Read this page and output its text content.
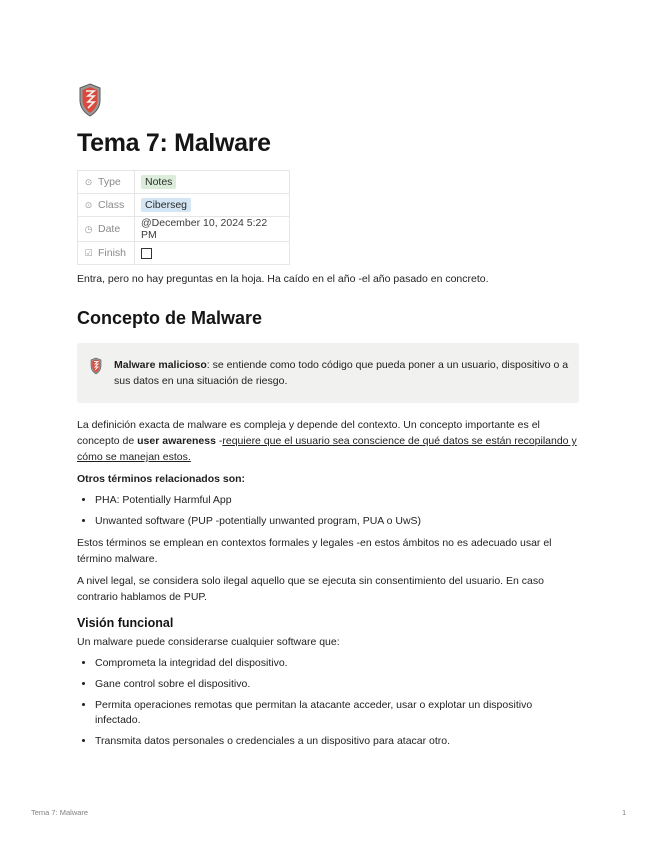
Tema 7: Malware
⊙ Type	Notes
⊙ Class	Ciberseg
◷ Date	@December 10, 2024 5:22 PM
☑ Finish	

Entra, pero no hay preguntas en la hoja. Ha caído en el año -el año pasado en concreto.

Concepto de Malware
Malware malicioso: se entiende como todo código que pueda poner a un usuario, dispositivo o a sus datos en una situación de riesgo.

La definición exacta de malware es compleja y depende del contexto. Un concepto importante es el concepto de user awareness -requiere que el usuario sea conscience de qué datos se están recopilando y cómo se manejan estos.

Otros términos relacionados son:

• PHA: Potentially Harmful App
• Unwanted software (PUP -potentially unwanted program, PUA o UwS)

Estos términos se emplean en contextos formales y legales -en estos ámbitos no es adecuado usar el término malware.

A nivel legal, se considera solo ilegal aquello que se ejecuta sin consentimiento del usuario. En caso contrario hablamos de PUP.

Visión funcional

Un malware puede considerarse cualquier software que:

• Comprometa la integridad del dispositivo.
• Gane control sobre el dispositivo.
• Permita operaciones remotas que permitan la atacante acceder, usar o explotar un dispositivo infectado.
• Transmita datos personales o credenciales a un dispositivo para atacar otro.
Tema 7: Malware	1
